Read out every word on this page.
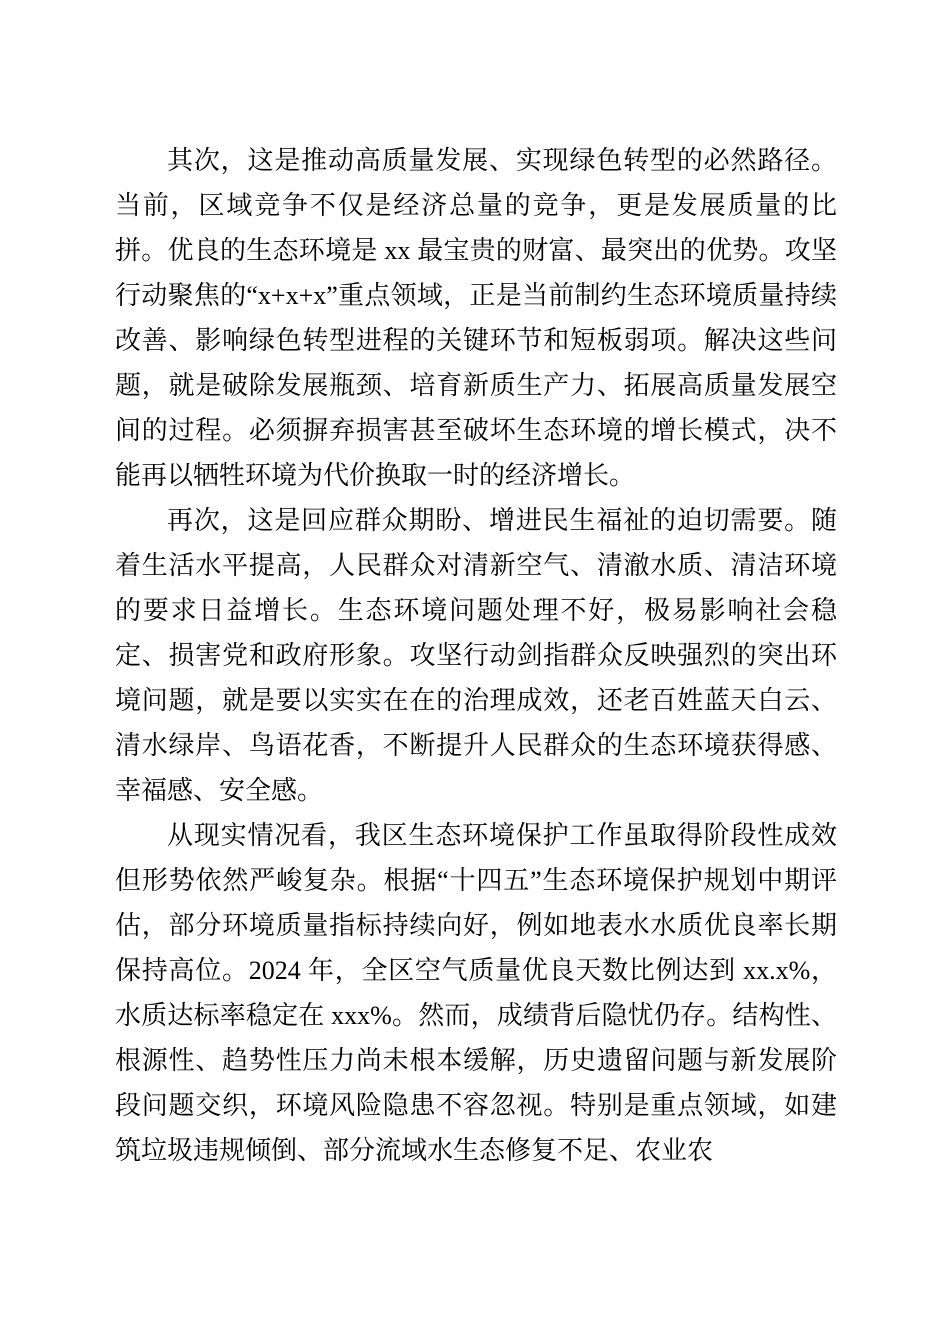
其次，这是推动高质量发展、实现绿色转型的必然路径。当前，区域竞争不仅是经济总量的竞争，更是发展质量的比拼。优良的生态环境是 xx 最宝贵的财富、最突出的优势。攻坚行动聚焦的“x+x+x”重点领域，正是当前制约生态环境质量持续改善、影响绿色转型进程的关键环节和短板弱项。解决这些问题，就是破除发展瓶颈、培育新质生产力、拓展高质量发展空间的过程。必须摒弃损害甚至破坏生态环境的增长模式，决不能再以牺牲环境为代价换取一时的经济增长。

再次，这是回应群众期盼、增进民生福祉的迫切需要。随着生活水平提高，人民群众对清新空气、清澈水质、清洁环境的要求日益增长。生态环境问题处理不好，极易影响社会稳定、损害党和政府形象。攻坚行动剑指群众反映强烈的突出环境问题，就是要以实实在在的治理成效，还老百姓蓝天白云、清水绿岸、鸟语花香，不断提升人民群众的生态环境获得感、幸福感、安全感。

从现实情况看，我区生态环境保护工作虽取得阶段性成效但形势依然严峻复杂。根据“十四五”生态环境保护规划中期评估，部分环境质量指标持续向好，例如地表水水质优良率长期保持高位。2024 年，全区空气质量优良天数比例达到 xx.x%，水质达标率稳定在 xxx%。然而，成绩背后隐忧仍存。结构性、根源性、趋势性压力尚未根本缓解，历史遗留问题与新发展阶段问题交织，环境风险隐患不容忽视。特别是重点领域，如建筑垃圾违规倾倒、部分流域水生态修复不足、农业农
